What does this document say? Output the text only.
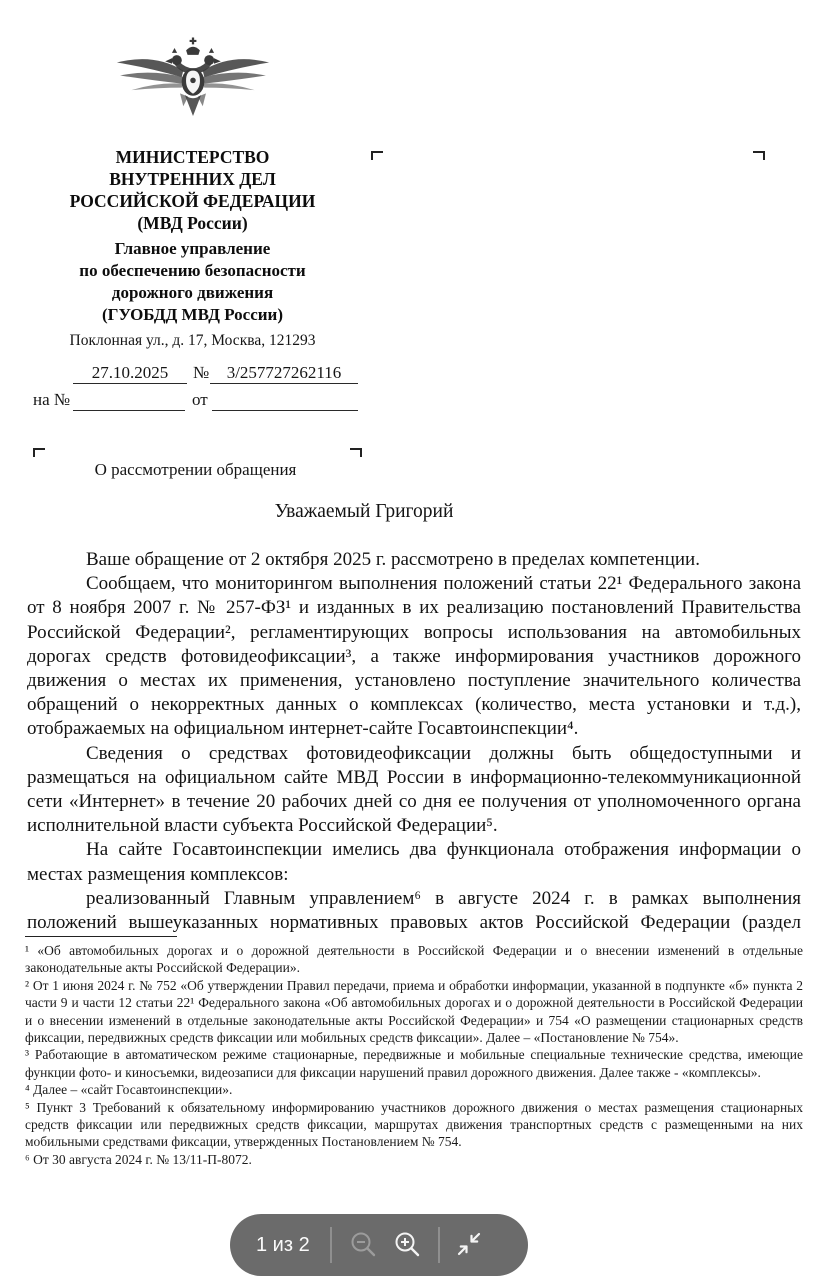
МИНИСТЕРСТВО
ВНУТРЕННИХ ДЕЛ
РОССИЙСКОЙ ФЕДЕРАЦИИ
(МВД России)
Главное управление
по обеспечению безопасности
дорожного движения
(ГУОБДД МВД России)
Поклонная ул., д. 17, Москва, 121293
27.10.2025	№	3/257727262116
на №	от
О рассмотрении обращения
Уважаемый Григорий

Ваше обращение от 2 октября 2025 г. рассмотрено в пределах компетенции.

Сообщаем, что мониторингом выполнения положений статьи 22¹ Федерального закона от 8 ноября 2007 г. № 257-ФЗ¹ и изданных в их реализацию постановлений Правительства Российской Федерации², регламентирующих вопросы использования на автомобильных дорогах средств фотовидеофиксации³, а также информирования участников дорожного движения о местах их применения, установлено поступление значительного количества обращений о некорректных данных о комплексах (количество, места установки и т.д.), отображаемых на официальном интернет-сайте Госавтоинспекции⁴.

Сведения о средствах фотовидеофиксации должны быть общедоступными и размещаться на официальном сайте МВД России в информационно-телекоммуникационной сети «Интернет» в течение 20 рабочих дней со дня ее получения от уполномоченного органа исполнительной власти субъекта Российской Федерации⁵.

На сайте Госавтоинспекции имелись два функционала отображения информации о местах размещения комплексов:

реализованный Главным управлением⁶ в августе 2024 г. в рамках выполнения положений вышеуказанных нормативных правовых актов Российской Федерации (раздел

¹ «Об автомобильных дорогах и о дорожной деятельности в Российской Федерации и о внесении изменений в отдельные законодательные акты Российской Федерации».

² От 1 июня 2024 г. № 752 «Об утверждении Правил передачи, приема и обработки информации, указанной в подпункте «б» пункта 2 части 9 и части 12 статьи 22¹ Федерального закона «Об автомобильных дорогах и о дорожной деятельности в Российской Федерации и о внесении изменений в отдельные законодательные акты Российской Федерации» и 754 «О размещении стационарных средств фиксации, передвижных средств фиксации или мобильных средств фиксации». Далее – «Постановление № 754».

³ Работающие в автоматическом режиме стационарные, передвижные и мобильные специальные технические средства, имеющие функции фото- и киносъемки, видеозаписи для фиксации нарушений правил дорожного движения. Далее также - «комплексы».

⁴ Далее – «сайт Госавтоинспекции».

⁵ Пункт 3 Требований к обязательному информированию участников дорожного движения о местах размещения стационарных средств фиксации или передвижных средств фиксации, маршрутах движения транспортных средств с размещенными на них мобильными средствами фиксации, утвержденных Постановлением № 754.

⁶ От 30 августа 2024 г. № 13/11-П-8072.

1 из 2
